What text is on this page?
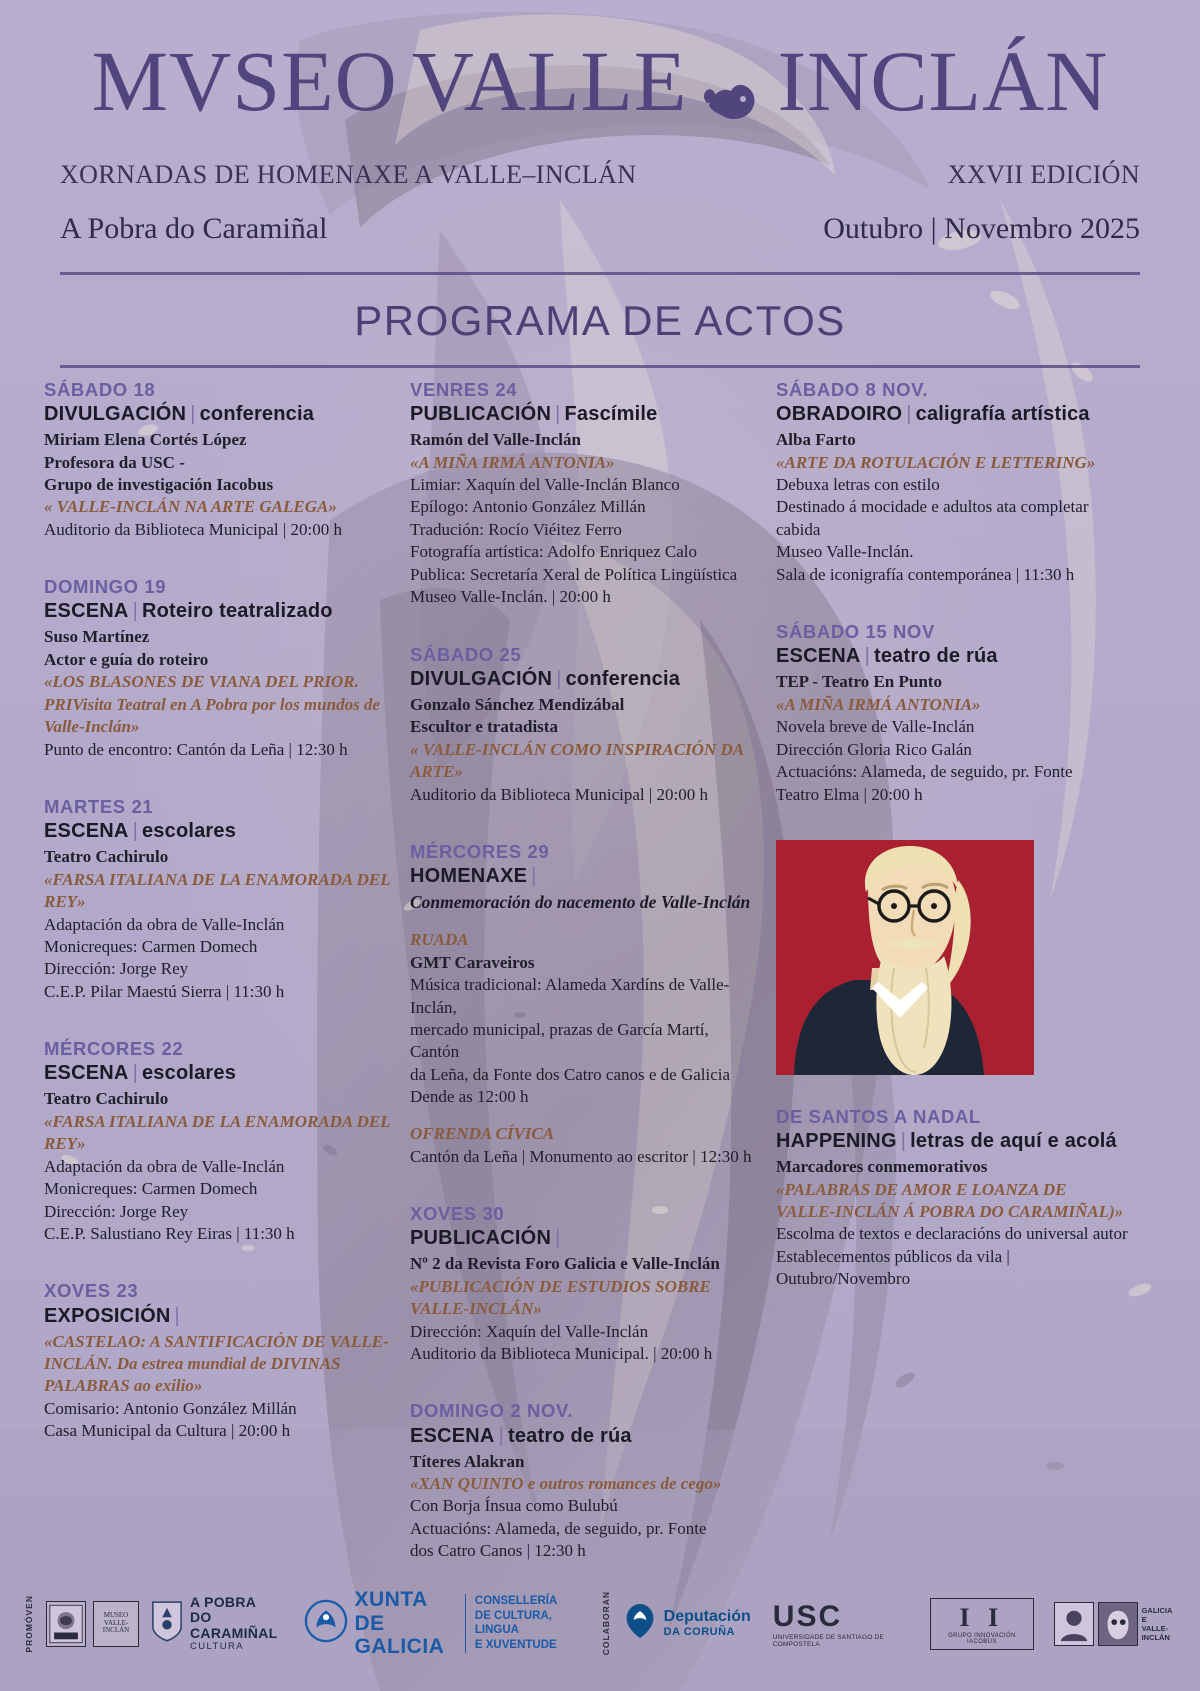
MVSEO VALLE INCLÁN
XORNADAS DE HOMENAXE A VALLE–INCLÁN	XXVII EDICIÓN
A Pobra do Caramiñal	Outubro | Novembro 2025
PROGRAMA DE ACTOS
SÁBADO 18
DIVULGACIÓN | conferencia
Miriam Elena Cortés López
Profesora da USC -
Grupo de investigación Iacobus
« VALLE-INCLÁN NA ARTE GALEGA»
Auditorio da Biblioteca Municipal | 20:00 h
DOMINGO 19
ESCENA | Roteiro teatralizado
Suso Martínez
Actor e guía do roteiro
«LOS BLASONES DE VIANA DEL PRIOR. PRIVisita Teatral en A Pobra por los mundos de Valle-Inclán»
Punto de encontro: Cantón da Leña | 12:30 h
MARTES 21
ESCENA | escolares
Teatro Cachirulo
«FARSA ITALIANA DE LA ENAMORADA DEL REY»
Adaptación da obra de Valle-Inclán
Monicreques: Carmen Domech
Dirección: Jorge Rey
C.E.P. Pilar Maestú Sierra | 11:30 h
MÉRCORES 22
ESCENA | escolares
Teatro Cachirulo
«FARSA ITALIANA DE LA ENAMORADA DEL REY»
Adaptación da obra de Valle-Inclán
Monicreques: Carmen Domech
Dirección: Jorge Rey
C.E.P. Salustiano Rey Eiras | 11:30 h
XOVES 23
EXPOSICIÓN |
«CASTELAO: A SANTIFICACIÓN DE VALLE-INCLÁN. Da estrea mundial de DIVINAS PALABRAS ao exilio»
Comisario: Antonio González Millán
Casa Municipal da Cultura | 20:00 h
VENRES 24
PUBLICACIÓN | Fascímile
Ramón del Valle-Inclán
«A MIÑA IRMÁ ANTONIA»
Limiar: Xaquín del Valle-Inclán Blanco
Epílogo: Antonio González Millán
Tradución: Rocío Viéitez Ferro
Fotografía artística: Adolfo Enriquez Calo
Publica: Secretaría Xeral de Política Lingüística
Museo Valle-Inclán. | 20:00 h
SÁBADO 25
DIVULGACIÓN | conferencia
Gonzalo Sánchez Mendizábal
Escultor e tratadista
« VALLE-INCLÁN COMO INSPIRACIÓN DA ARTE»
Auditorio da Biblioteca Municipal | 20:00 h
MÉRCORES 29
HOMENAXE |
Conmemoración do nacemento de Valle-Inclán
RUADA
GMT Caraveiros
Música tradicional: Alameda Xardíns de Valle-Inclán,
mercado municipal, prazas de García Martí, Cantón
da Leña, da Fonte dos Catro canos e de Galicia
Dende as 12:00 h
OFRENDA CÍVICA
Cantón da Leña | Monumento ao escritor | 12:30 h
XOVES 30
PUBLICACIÓN |
Nº 2 da Revista Foro Galicia e Valle-Inclán
«PUBLICACIÓN DE ESTUDIOS SOBRE VALLE-INCLÁN»
Dirección: Xaquín del Valle-Inclán
Auditorio da Biblioteca Municipal. | 20:00 h
DOMINGO 2 NOV.
ESCENA | teatro de rúa
Títeres Alakran
«XAN QUINTO e outros romances de cego»
Con Borja Ínsua como Bulubú
Actuacións: Alameda, de seguido, pr. Fonte
dos Catro Canos | 12:30 h
SÁBADO 8 NOV.
OBRADOIRO | caligrafía artística
Alba Farto
«ARTE DA ROTULACIÓN E LETTERING»
Debuxa letras con estilo
Destinado á mocidade e adultos ata completar cabida
Museo Valle-Inclán.
Sala de iconigrafía contemporánea | 11:30 h
SÁBADO 15 NOV
ESCENA | teatro de rúa
TEP - Teatro En Punto
«A MIÑA IRMÁ ANTONIA»
Novela breve de Valle-Inclán
Dirección Gloria Rico Galán
Actuacións: Alameda, de seguido, pr. Fonte
Teatro Elma | 20:00 h
DE SANTOS A NADAL
HAPPENING | letras de aquí e acolá
Marcadores conmemorativos
«PALABRAS DE AMOR E LOANZA DE VALLE-INCLÁN Á POBRA DO CARAMIÑAL)»
Escolma de textos e declaracións do universal autor
Establecementos públicos da vila | Outubro/Novembro
PROMÓVEN	MUSEO VALLE-INCLÁN
A POBRA
DO CARAMIÑAL
CULTURA
XUNTA
DE GALICIA
CONSELLERÍA
DE CULTURA, LINGUA
E XUVENTUDE	COLABORAN	Deputación
DA CORUÑA	USC
UNIVERSIDADE DE SANTIAGO DE COMPOSTELA
I I
GRUPO INNOVACIÓN IACOBUS
GALICIA E
VALLE-INCLÁN
